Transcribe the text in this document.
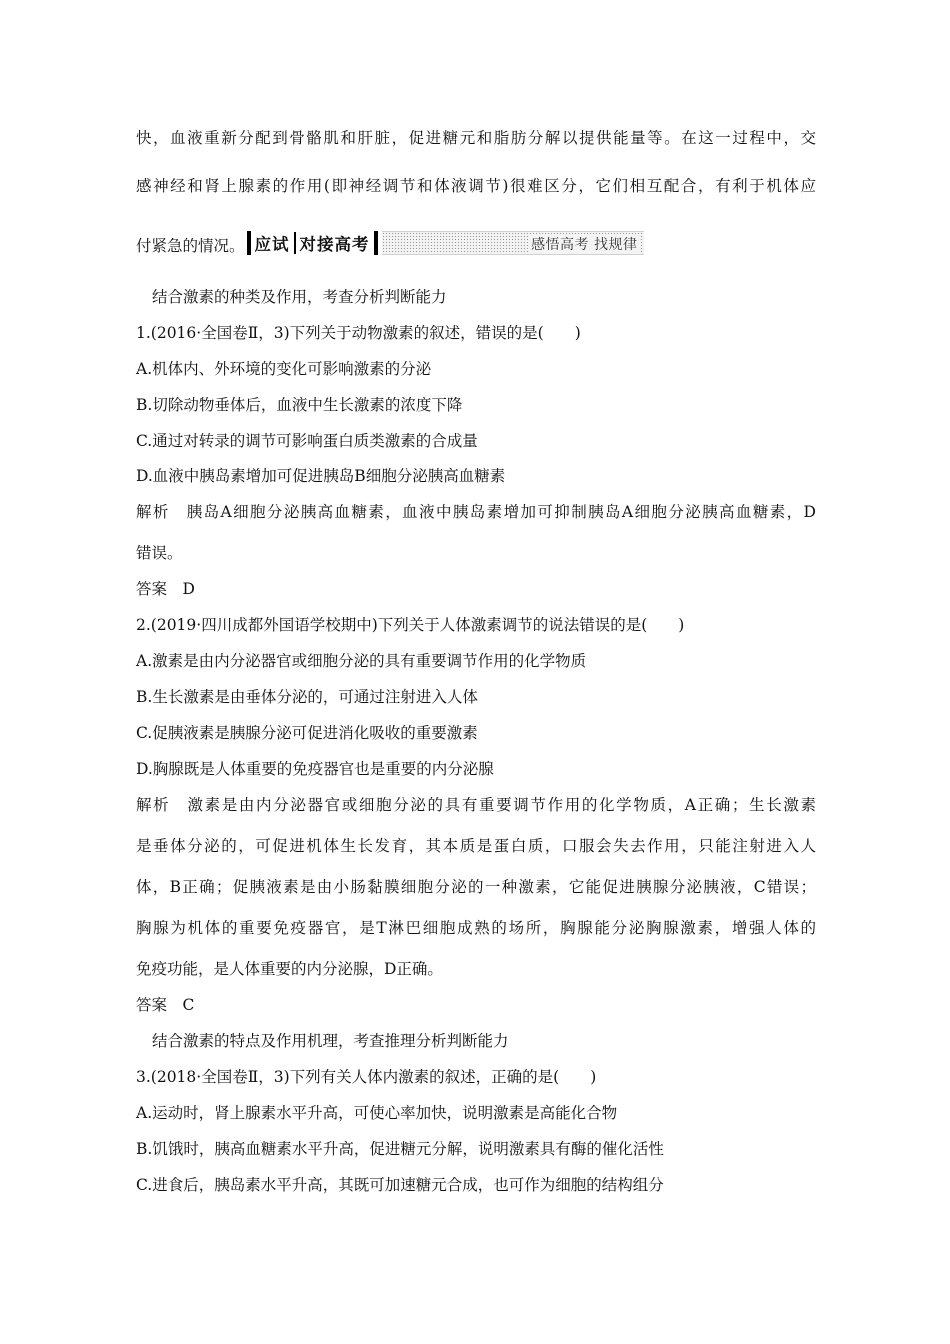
快，血液重新分配到骨骼肌和肝脏，促进糖元和脂肪分解以提供能量等。在这一过程中，交
感神经和肾上腺素的作用(即神经调节和体液调节)很难区分，它们相互配合，有利于机体应
付紧急的情况。 应试 对接高考	感悟高考 找规律
结合激素的种类及作用，考查分析判断能力
1.(2016·全国卷Ⅱ，3)下列关于动物激素的叙述，错误的是(　　)
A.机体内、外环境的变化可影响激素的分泌
B.切除动物垂体后，血液中生长激素的浓度下降
C.通过对转录的调节可影响蛋白质类激素的合成量
D.血液中胰岛素增加可促进胰岛B细胞分泌胰高血糖素
解析　胰岛A细胞分泌胰高血糖素，血液中胰岛素增加可抑制胰岛A细胞分泌胰高血糖素，D
错误。
答案　D
2.(2019·四川成都外国语学校期中)下列关于人体激素调节的说法错误的是(　　)
A.激素是由内分泌器官或细胞分泌的具有重要调节作用的化学物质
B.生长激素是由垂体分泌的，可通过注射进入人体
C.促胰液素是胰腺分泌可促进消化吸收的重要激素
D.胸腺既是人体重要的免疫器官也是重要的内分泌腺
解析　激素是由内分泌器官或细胞分泌的具有重要调节作用的化学物质，A正确；生长激素
是垂体分泌的，可促进机体生长发育，其本质是蛋白质，口服会失去作用，只能注射进入人
体，B正确；促胰液素是由小肠黏膜细胞分泌的一种激素，它能促进胰腺分泌胰液，C错误；
胸腺为机体的重要免疫器官，是T淋巴细胞成熟的场所，胸腺能分泌胸腺激素，增强人体的
免疫功能，是人体重要的内分泌腺，D正确。
答案　C
结合激素的特点及作用机理，考查推理分析判断能力
3.(2018·全国卷Ⅱ，3)下列有关人体内激素的叙述，正确的是(　　)
A.运动时，肾上腺素水平升高，可使心率加快，说明激素是高能化合物
B.饥饿时，胰高血糖素水平升高，促进糖元分解，说明激素具有酶的催化活性
C.进食后，胰岛素水平升高，其既可加速糖元合成，也可作为细胞的结构组分
